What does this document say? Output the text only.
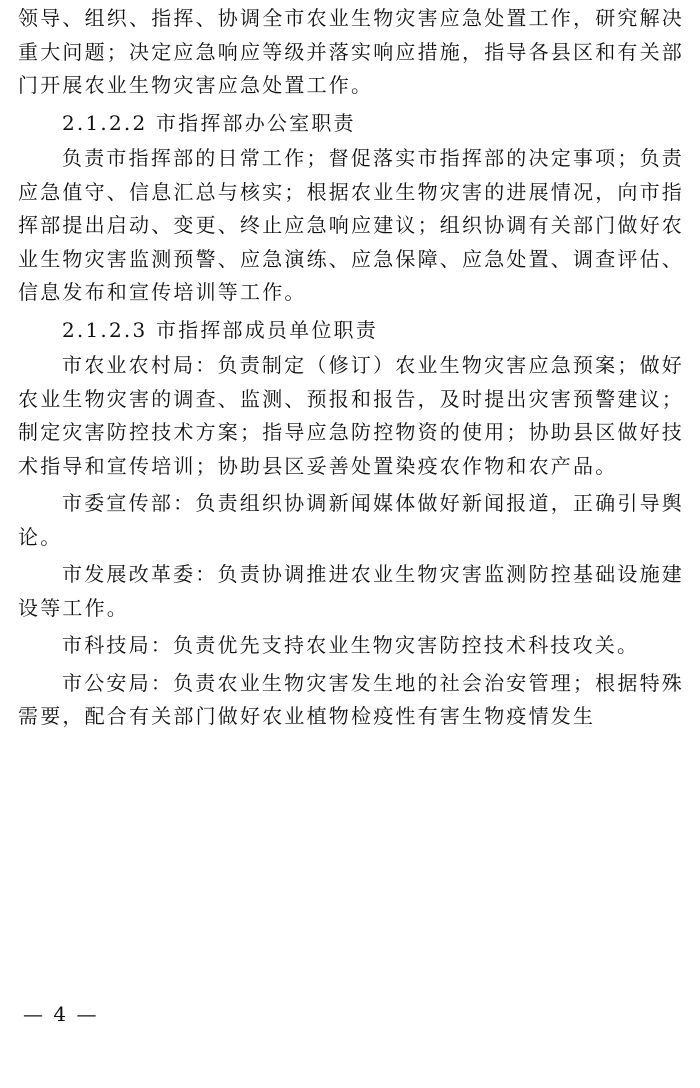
领导、组织、指挥、协调全市农业生物灾害应急处置工作，研究解决重大问题；决定应急响应等级并落实响应措施，指导各县区和有关部门开展农业生物灾害应急处置工作。

2.1.2.2 市指挥部办公室职责

负责市指挥部的日常工作；督促落实市指挥部的决定事项；负责应急值守、信息汇总与核实；根据农业生物灾害的进展情况，向市指挥部提出启动、变更、终止应急响应建议；组织协调有关部门做好农业生物灾害监测预警、应急演练、应急保障、应急处置、调查评估、信息发布和宣传培训等工作。

2.1.2.3 市指挥部成员单位职责

市农业农村局：负责制定（修订）农业生物灾害应急预案；做好农业生物灾害的调查、监测、预报和报告，及时提出灾害预警建议；制定灾害防控技术方案；指导应急防控物资的使用；协助县区做好技术指导和宣传培训；协助县区妥善处置染疫农作物和农产品。

市委宣传部：负责组织协调新闻媒体做好新闻报道，正确引导舆论。

市发展改革委：负责协调推进农业生物灾害监测防控基础设施建设等工作。

市科技局：负责优先支持农业生物灾害防控技术科技攻关。

市公安局：负责农业生物灾害发生地的社会治安管理；根据特殊需要，配合有关部门做好农业植物检疫性有害生物疫情发生

— 4 —
